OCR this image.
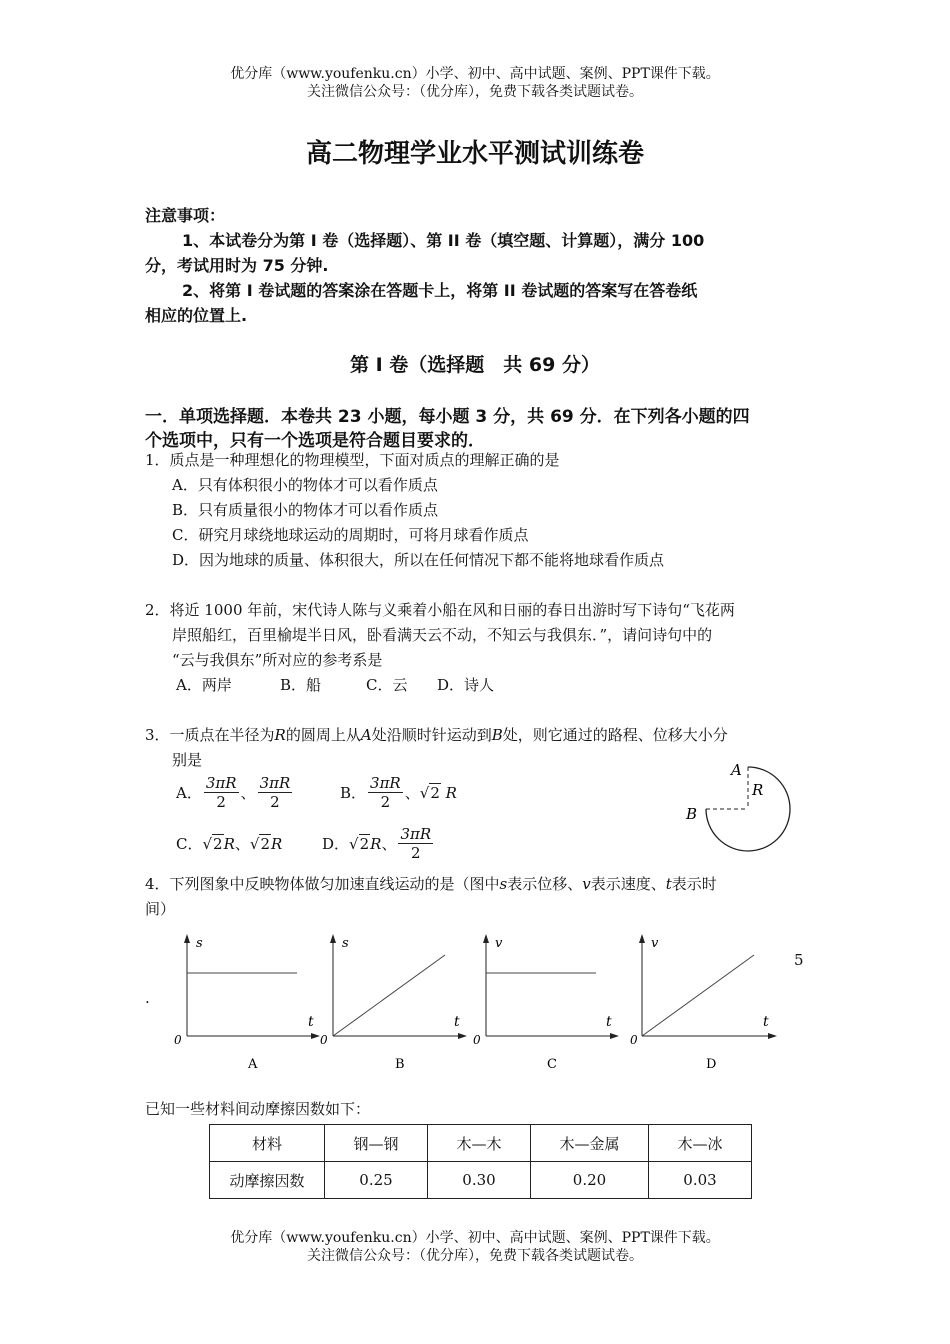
优分库（www.youfenku.cn）小学、初中、高中试题、案例、PPT课件下载。
关注微信公众号：（优分库），免费下载各类试题试卷。
高二物理学业水平测试训练卷
注意事项：
1、本试卷分为第 I 卷（选择题）、第 II 卷（填空题、计算题），满分 100
分，考试用时为 75 分钟.
2、将第 I 卷试题的答案涂在答题卡上，将第 II 卷试题的答案写在答卷纸
相应的位置上.
第 I 卷（选择题　共 69 分）
一．单项选择题．本卷共 23 小题，每小题 3 分，共 69 分．在下列各小题的四
个选项中，只有一个选项是符合题目要求的．
1．质点是一种理想化的物理模型，下面对质点的理解正确的是
A．只有体积很小的物体才可以看作质点
B．只有质量很小的物体才可以看作质点
C．研究月球绕地球运动的周期时，可将月球看作质点
D．因为地球的质量、体积很大，所以在任何情况下都不能将地球看作质点
2．将近 1000 年前，宋代诗人陈与义乘着小船在风和日丽的春日出游时写下诗句“飞花两
岸照船红，百里榆堤半日风，卧看满天云不动，不知云与我俱东．”，请问诗句中的
“云与我俱东”所对应的参考系是
A．两岸	B．船	C．云 D．诗人
3．一质点在半径为R的圆周上从A处沿顺时针运动到B处，则它通过的路程、位移大小分
别是
A． $\frac{3\pi R}{2}$ 、 $\frac{3\pi R}{2}$	B． $\frac{3\pi R}{2}$ 、 √2
R
C． √2 R 、 √2 R	D． √2 R 、 $\frac{3\pi R}{2}$
A
R
B
4．下列图象中反映物体做匀加速直线运动的是（图中s表示位移、v表示速度、t表示时
间）
5
.
s
t
0
A
s
t
0
B
v
t
0
C
v
t
0
D
已知一些材料间动摩擦因数如下：
材料	钢—钢	木—木	木—金属	木—冰
动摩擦因数	0.25	0.30	0.20	0.03
优分库（www.youfenku.cn）小学、初中、高中试题、案例、PPT课件下载。
关注微信公众号：（优分库），免费下载各类试题试卷。
